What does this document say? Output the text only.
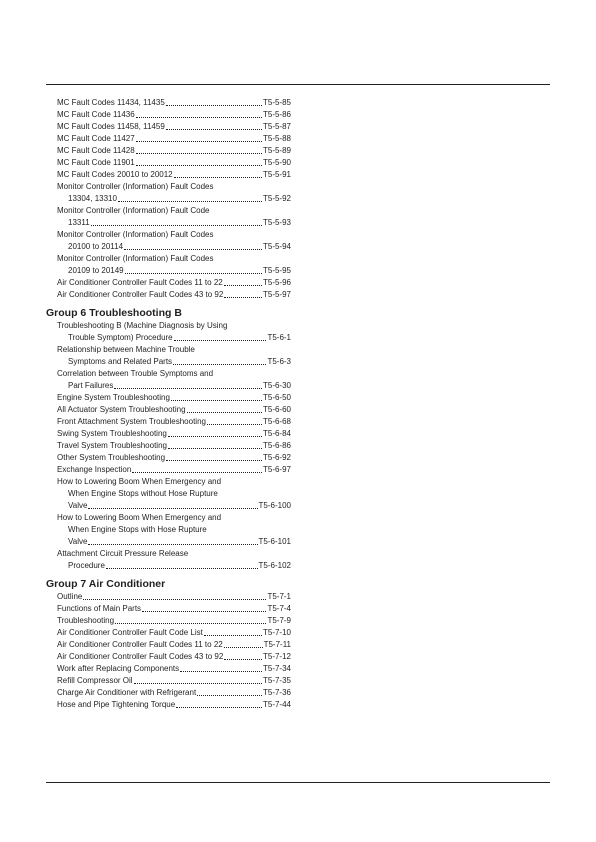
MC Fault Codes 11434, 11435	T5-5-85
MC Fault Code 11436	T5-5-86
MC Fault Codes 11458, 11459	T5-5-87
MC Fault Code 11427	T5-5-88
MC Fault Code 11428	T5-5-89
MC Fault Code 11901	T5-5-90
MC Fault Codes 20010 to 20012	T5-5-91
Monitor Controller (Information) Fault Codes
13304, 13310	T5-5-92
Monitor Controller (Information) Fault Code
13311	T5-5-93
Monitor Controller (Information) Fault Codes
20100 to 20114	T5-5-94
Monitor Controller (Information) Fault Codes
20109 to 20149	T5-5-95
Air Conditioner Controller Fault Codes 11 to 22	T5-5-96
Air Conditioner Controller Fault Codes 43 to 92	T5-5-97
Group 6 Troubleshooting B
Troubleshooting B (Machine Diagnosis by Using
Trouble Symptom) Procedure	T5-6-1
Relationship between Machine Trouble
Symptoms and Related Parts	T5-6-3
Correlation between Trouble Symptoms and
Part Failures	T5-6-30
Engine System Troubleshooting	T5-6-50
All Actuator System Troubleshooting	T5-6-60
Front Attachment System Troubleshooting	T5-6-68
Swing System Troubleshooting	T5-6-84
Travel System Troubleshooting	T5-6-86
Other System Troubleshooting	T5-6-92
Exchange Inspection	T5-6-97
How to Lowering Boom When Emergency and
When Engine Stops without Hose Rupture
Valve	T5-6-100
How to Lowering Boom When Emergency and
When Engine Stops with Hose Rupture
Valve	T5-6-101
Attachment Circuit Pressure Release
Procedure	T5-6-102
Group 7 Air Conditioner
Outline	T5-7-1
Functions of Main Parts	T5-7-4
Troubleshooting	T5-7-9
Air Conditioner Controller Fault Code List	T5-7-10
Air Conditioner Controller Fault Codes 11 to 22	T5-7-11
Air Conditioner Controller Fault Codes 43 to 92	T5-7-12
Work after Replacing Components	T5-7-34
Refill Compressor Oil	T5-7-35
Charge Air Conditioner with Refrigerant	T5-7-36
Hose and Pipe Tightening Torque	T5-7-44
